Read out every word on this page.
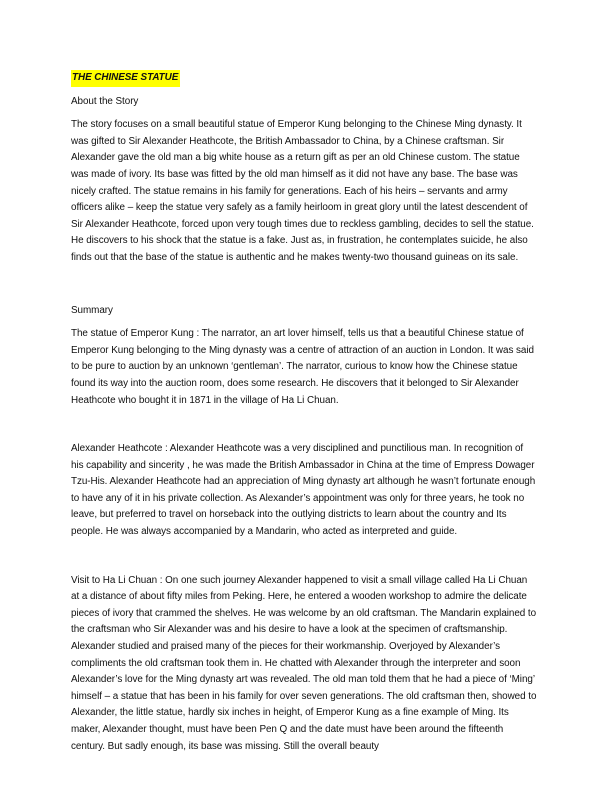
THE CHINESE STATUE
About the Story

The story focuses on a small beautiful statue of Emperor Kung belonging to the Chinese Ming dynasty. It was gifted to Sir Alexander Heathcote, the British Ambassador to China, by a Chinese craftsman. Sir Alexander gave the old man a big white house as a return gift as per an old Chinese custom. The statue was made of ivory. Its base was fitted by the old man himself as it did not have any base. The base was nicely crafted. The statue remains in his family for generations. Each of his heirs – servants and army officers alike – keep the statue very safely as a family heirloom in great glory until the latest descendent of Sir Alexander Heathcote, forced upon very tough times due to reckless gambling, decides to sell the statue. He discovers to his shock that the statue is a fake. Just as, in frustration, he contemplates suicide, he also finds out that the base of the statue is authentic and he makes twenty-two thousand guineas on its sale.

Summary

The statue of Emperor Kung : The narrator, an art lover himself, tells us that a beautiful Chinese statue of Emperor Kung belonging to the Ming dynasty was a centre of attraction of an auction in London. It was said to be pure to auction by an unknown ‘gentleman’. The narrator, curious to know how the Chinese statue found its way into the auction room, does some research. He discovers that it belonged to Sir Alexander Heathcote who bought it in 1871 in the village of Ha Li Chuan.

Alexander Heathcote : Alexander Heathcote was a very disciplined and punctilious man. In recognition of his capability and sincerity , he was made the British Ambassador in China at the time of Empress Dowager Tzu-His. Alexander Heathcote had an appreciation of Ming dynasty art although he wasn’t fortunate enough to have any of it in his private collection. As Alexander’s appointment was only for three years, he took no leave, but preferred to travel on horseback into the outlying districts to learn about the country and Its people. He was always accompanied by a Mandarin, who acted as interpreted and guide.

Visit to Ha Li Chuan : On one such journey Alexander happened to visit a small village called Ha Li Chuan at a distance of about fifty miles from Peking. Here, he entered a wooden workshop to admire the delicate pieces of ivory that crammed the shelves. He was welcome by an old craftsman. The Mandarin explained to the craftsman who Sir Alexander was and his desire to have a look at the specimen of craftsmanship. Alexander studied and praised many of the pieces for their workmanship. Overjoyed by Alexander’s compliments the old craftsman took them in. He chatted with Alexander through the interpreter and soon Alexander’s love for the Ming dynasty art was revealed. The old man told them that he had a piece of ‘Ming’ himself – a statue that has been in his family for over seven generations. The old craftsman then, showed to Alexander, the little statue, hardly six inches in height, of Emperor Kung as a fine example of Ming. Its maker, Alexander thought, must have been Pen Q and the date must have been around the fifteenth century. But sadly enough, its base was missing. Still the overall beauty
